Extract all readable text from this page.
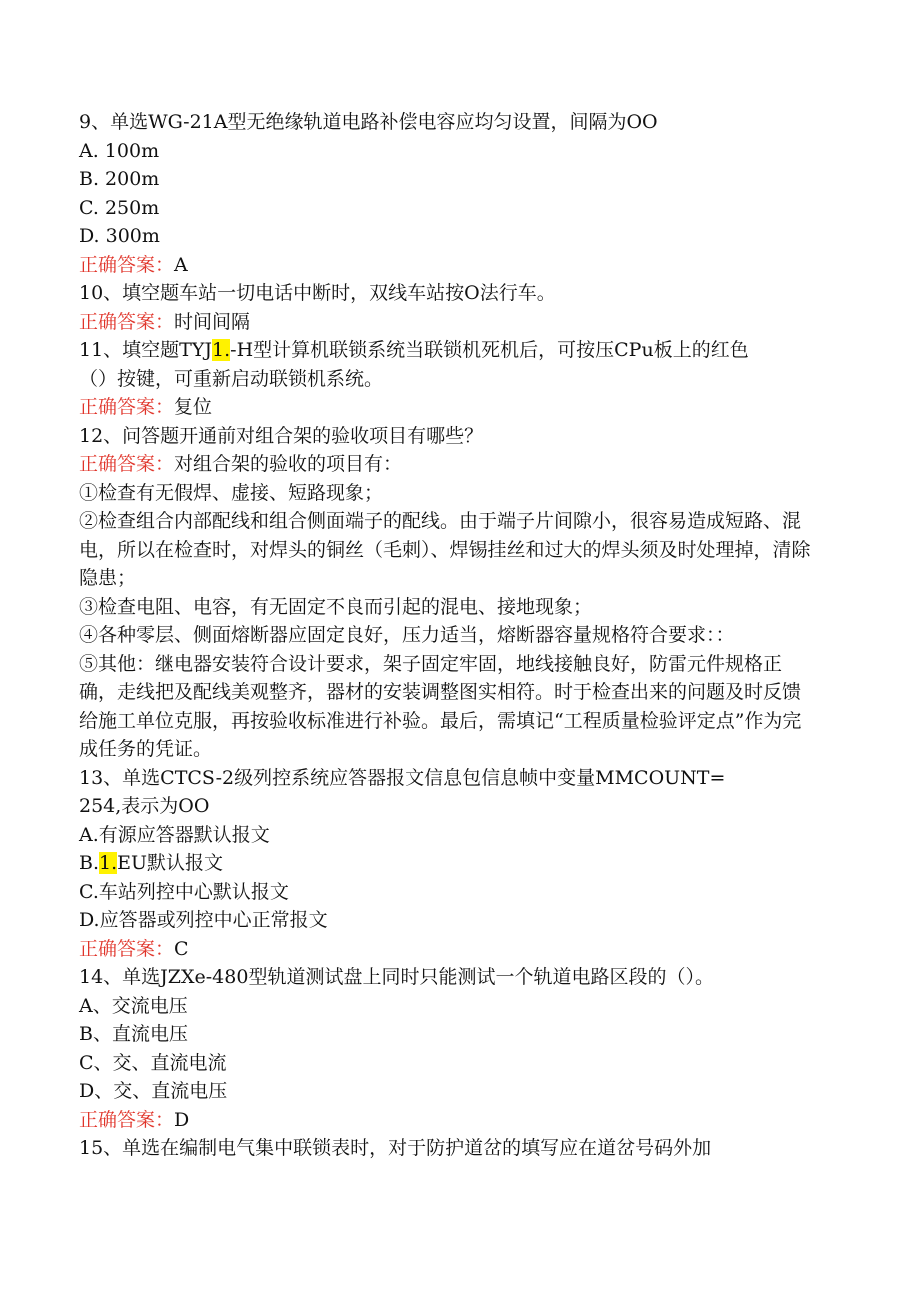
9、单选WG-21A型无绝缘轨道电路补偿电容应均匀设置，间隔为OO

A. 100m

B. 200m

C. 250m

D. 300m

正确答案：A

10、填空题车站一切电话中断时，双线车站按O法行车。

正确答案：时间间隔

11、填空题TYJ1.-H型计算机联锁系统当联锁机死机后，可按压CPu板上的红色

（）按键，可重新启动联锁机系统。

正确答案：复位

12、问答题开通前对组合架的验收项目有哪些？

正确答案：对组合架的验收的项目有：

①检查有无假焊、虚接、短路现象；

②检查组合内部配线和组合侧面端子的配线。由于端子片间隙小，很容易造成短路、混电，所以在检查时，对焊头的铜丝（毛刺）、焊锡挂丝和过大的焊头须及时处理掉，清除隐患；

③检查电阻、电容，有无固定不良而引起的混电、接地现象；

④各种零层、侧面熔断器应固定良好，压力适当，熔断器容量规格符合要求：：

⑤其他：继电器安装符合设计要求，架子固定牢固，地线接触良好，防雷元件规格正确，走线把及配线美观整齐，器材的安装调整图实相符。时于检查出来的问题及时反馈给施工单位克服，再按验收标准进行补验。最后，需填记“工程质量检验评定点”作为完成任务的凭证。

13、单选CTCS-2级列控系统应答器报文信息包信息帧中变量MMCOUNT=

254,表示为OO

A.有源应答器默认报文

B.1.EU默认报文

C.车站列控中心默认报文

D.应答器或列控中心正常报文

正确答案：C

14、单选JZXe-480型轨道测试盘上同时只能测试一个轨道电路区段的（）。

A、交流电压

B、直流电压

C、交、直流电流

D、交、直流电压

正确答案：D

15、单选在编制电气集中联锁表时，对于防护道岔的填写应在道岔号码外加
